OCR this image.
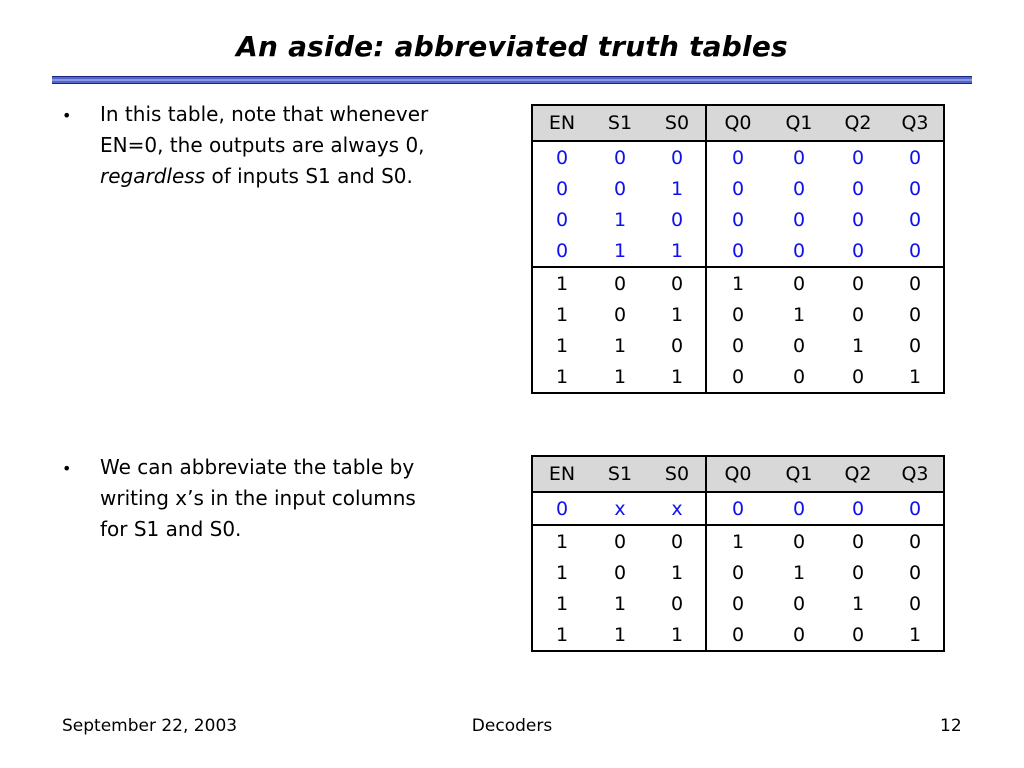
An aside: abbreviated truth tables
• In this table, note that whenever
EN=0, the outputs are always 0,
regardless of inputs S1 and S0.
• We can abbreviate the table by
writing x’s in the input columns
for S1 and S0.
EN	S1	S0	Q0	Q1	Q2	Q3
0	0	0	0	0	0	0
0	0	1	0	0	0	0
0	1	0	0	0	0	0
0	1	1	0	0	0	0
1	0	0	1	0	0	0
1	0	1	0	1	0	0
1	1	0	0	0	1	0
1	1	1	0	0	0	1
EN	S1	S0	Q0	Q1	Q2	Q3
0	x	x	0	0	0	0
1	0	0	1	0	0	0
1	0	1	0	1	0	0
1	1	0	0	0	1	0
1	1	1	0	0	0	1
September 22, 2003	Decoders	12
